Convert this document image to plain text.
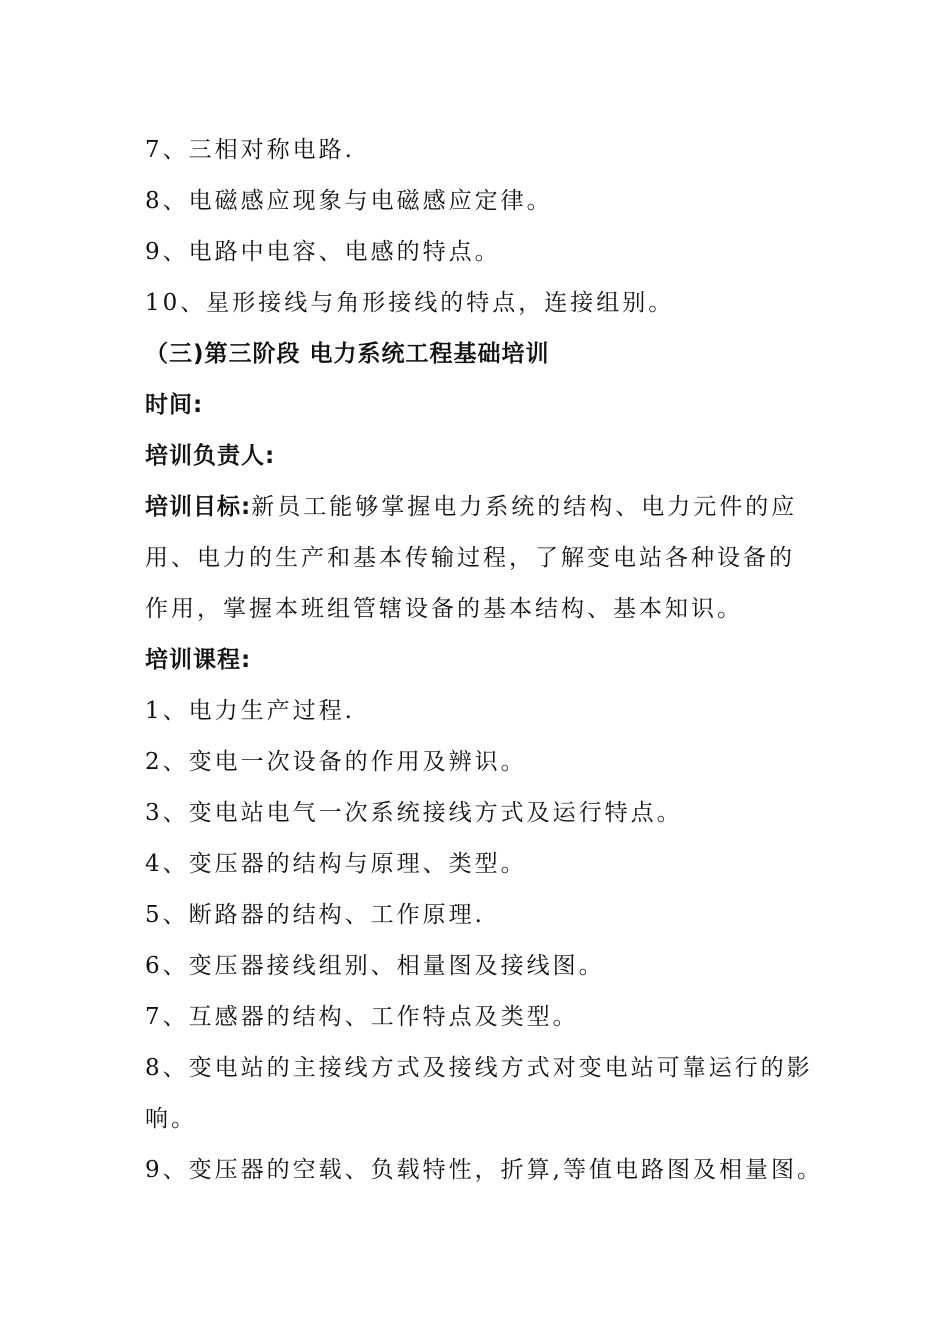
7、三相对称电路.
8、电磁感应现象与电磁感应定律。
9、电路中电容、电感的特点。
10、星形接线与角形接线的特点，连接组别。
（三)第三阶段 电力系统工程基础培训
时间:
培训负责人:
培训目标:新员工能够掌握电力系统的结构、电力元件的应用、电力的生产和基本传输过程，了解变电站各种设备的作用，掌握本班组管辖设备的基本结构、基本知识。
培训课程:
1、电力生产过程.
2、变电一次设备的作用及辨识。
3、变电站电气一次系统接线方式及运行特点。
4、变压器的结构与原理、类型。
5、断路器的结构、工作原理.
6、变压器接线组别、相量图及接线图。
7、互感器的结构、工作特点及类型。
8、变电站的主接线方式及接线方式对变电站可靠运行的影响。
9、变压器的空载、负载特性，折算,等值电路图及相量图。
